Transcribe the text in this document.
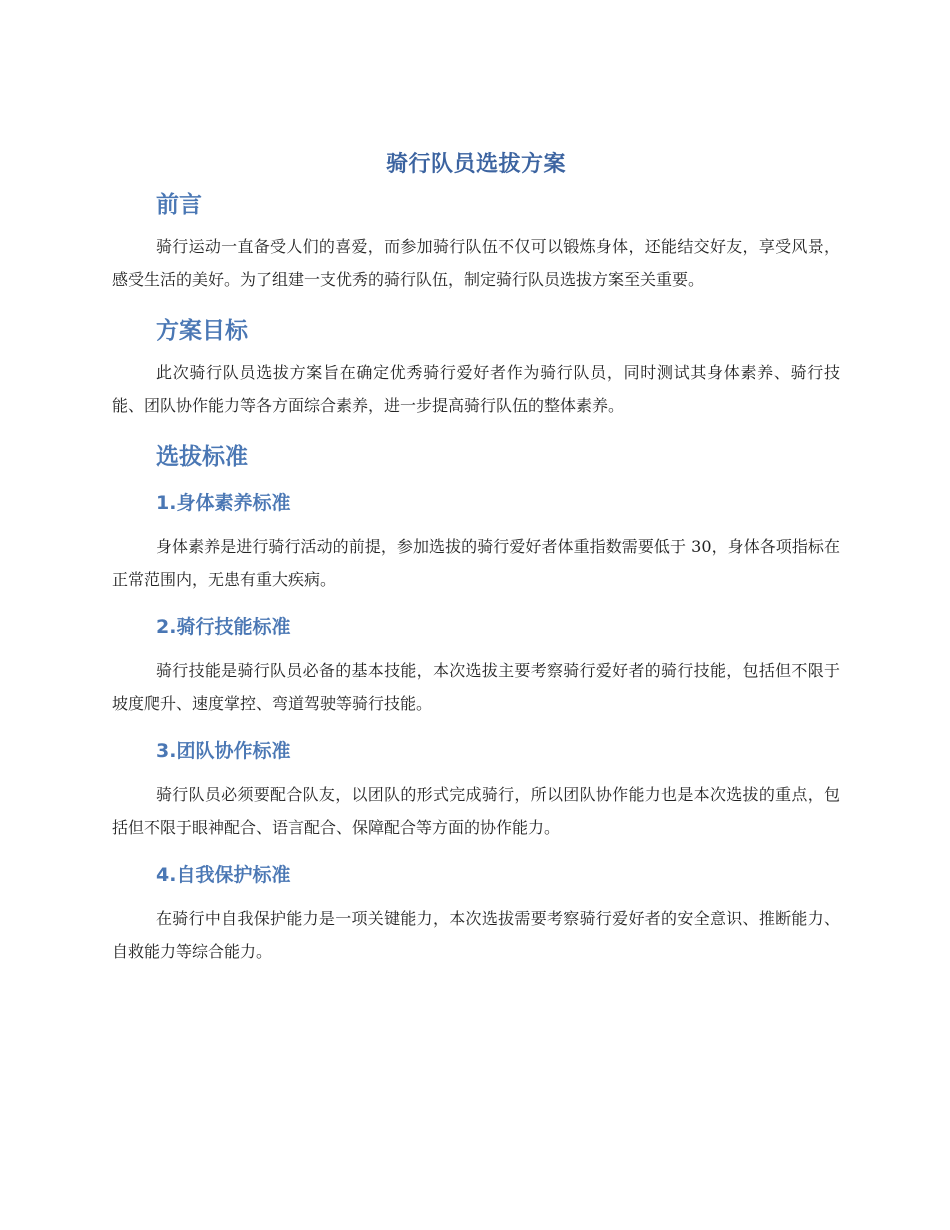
骑行队员选拔方案
前言

骑行运动一直备受人们的喜爱，而参加骑行队伍不仅可以锻炼身体，还能结交好友，享受风景，感受生活的美好。为了组建一支优秀的骑行队伍，制定骑行队员选拔方案至关重要。

方案目标

此次骑行队员选拔方案旨在确定优秀骑行爱好者作为骑行队员，同时测试其身体素养、骑行技能、团队协作能力等各方面综合素养，进一步提高骑行队伍的整体素养。

选拔标准
1.身体素养标准

身体素养是进行骑行活动的前提，参加选拔的骑行爱好者体重指数需要低于 30，身体各项指标在正常范围内，无患有重大疾病。

2.骑行技能标准

骑行技能是骑行队员必备的基本技能，本次选拔主要考察骑行爱好者的骑行技能，包括但不限于坡度爬升、速度掌控、弯道驾驶等骑行技能。

3.团队协作标准

骑行队员必须要配合队友，以团队的形式完成骑行，所以团队协作能力也是本次选拔的重点，包括但不限于眼神配合、语言配合、保障配合等方面的协作能力。

4.自我保护标准

在骑行中自我保护能力是一项关键能力，本次选拔需要考察骑行爱好者的安全意识、推断能力、自救能力等综合能力。
